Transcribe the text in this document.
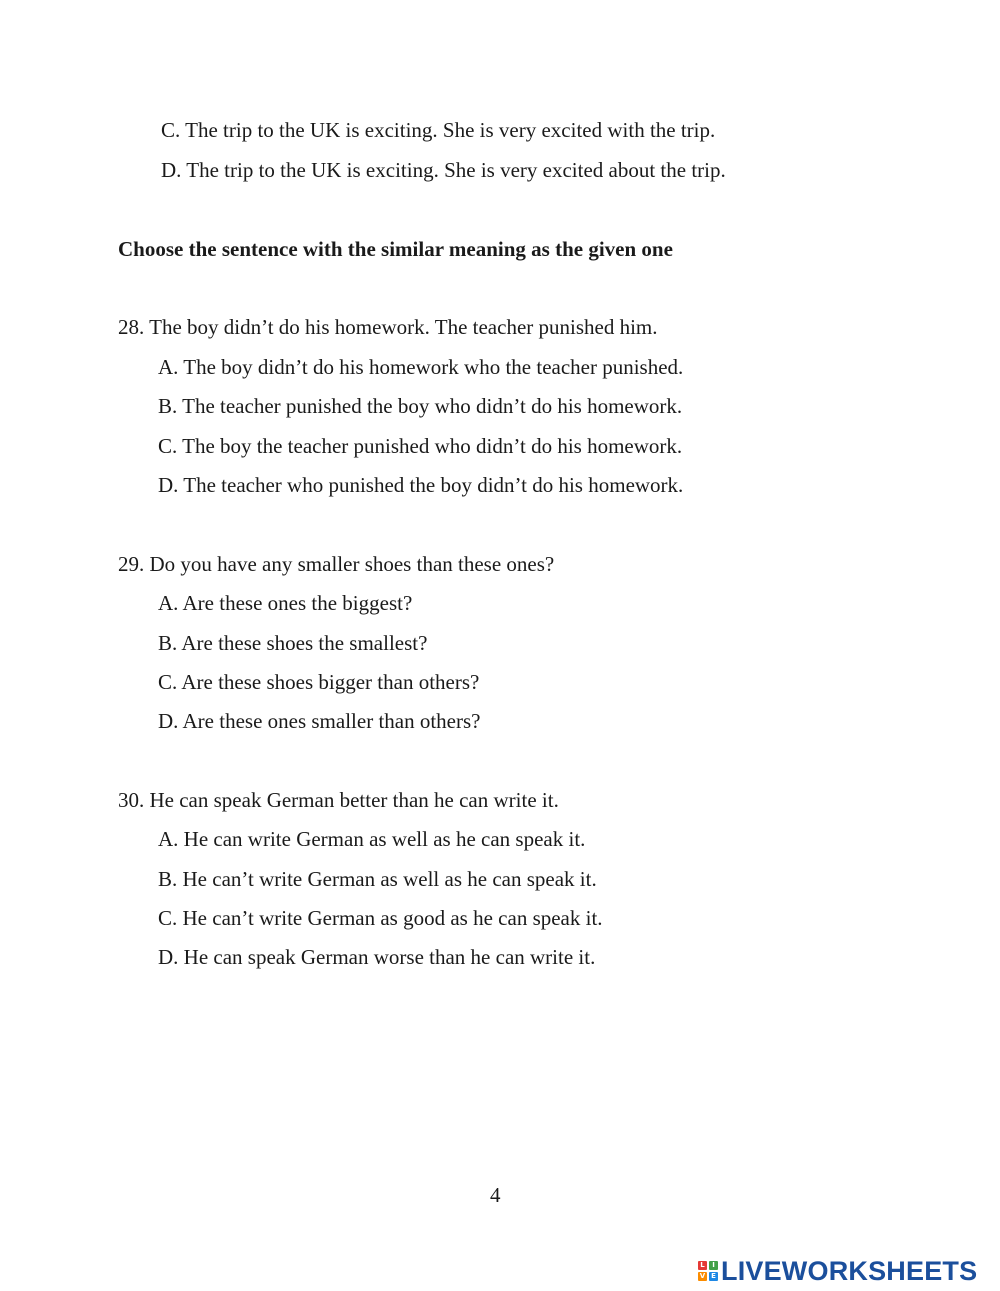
C. The trip to the UK is exciting. She is very excited with the trip.
D. The trip to the UK is exciting. She is very excited about the trip.
Choose the sentence with the similar meaning as the given one
28. The boy didn’t do his homework. The teacher punished him.
A. The boy didn’t do his homework who the teacher punished.
B. The teacher punished the boy who didn’t do his homework.
C. The boy the teacher punished who didn’t do his homework.
D. The teacher who punished the boy didn’t do his homework.
29. Do you have any smaller shoes than these ones?
A. Are these ones the biggest?
B. Are these shoes the smallest?
C. Are these shoes bigger than others?
D. Are these ones smaller than others?
30. He can speak German better than he can write it.
A. He can write German as well as he can speak it.
B. He can’t write German as well as he can speak it.
C. He can’t write German as good as he can speak it.
D. He can speak German worse than he can write it.
4
L	I
V E LIVEWORKSHEETS
